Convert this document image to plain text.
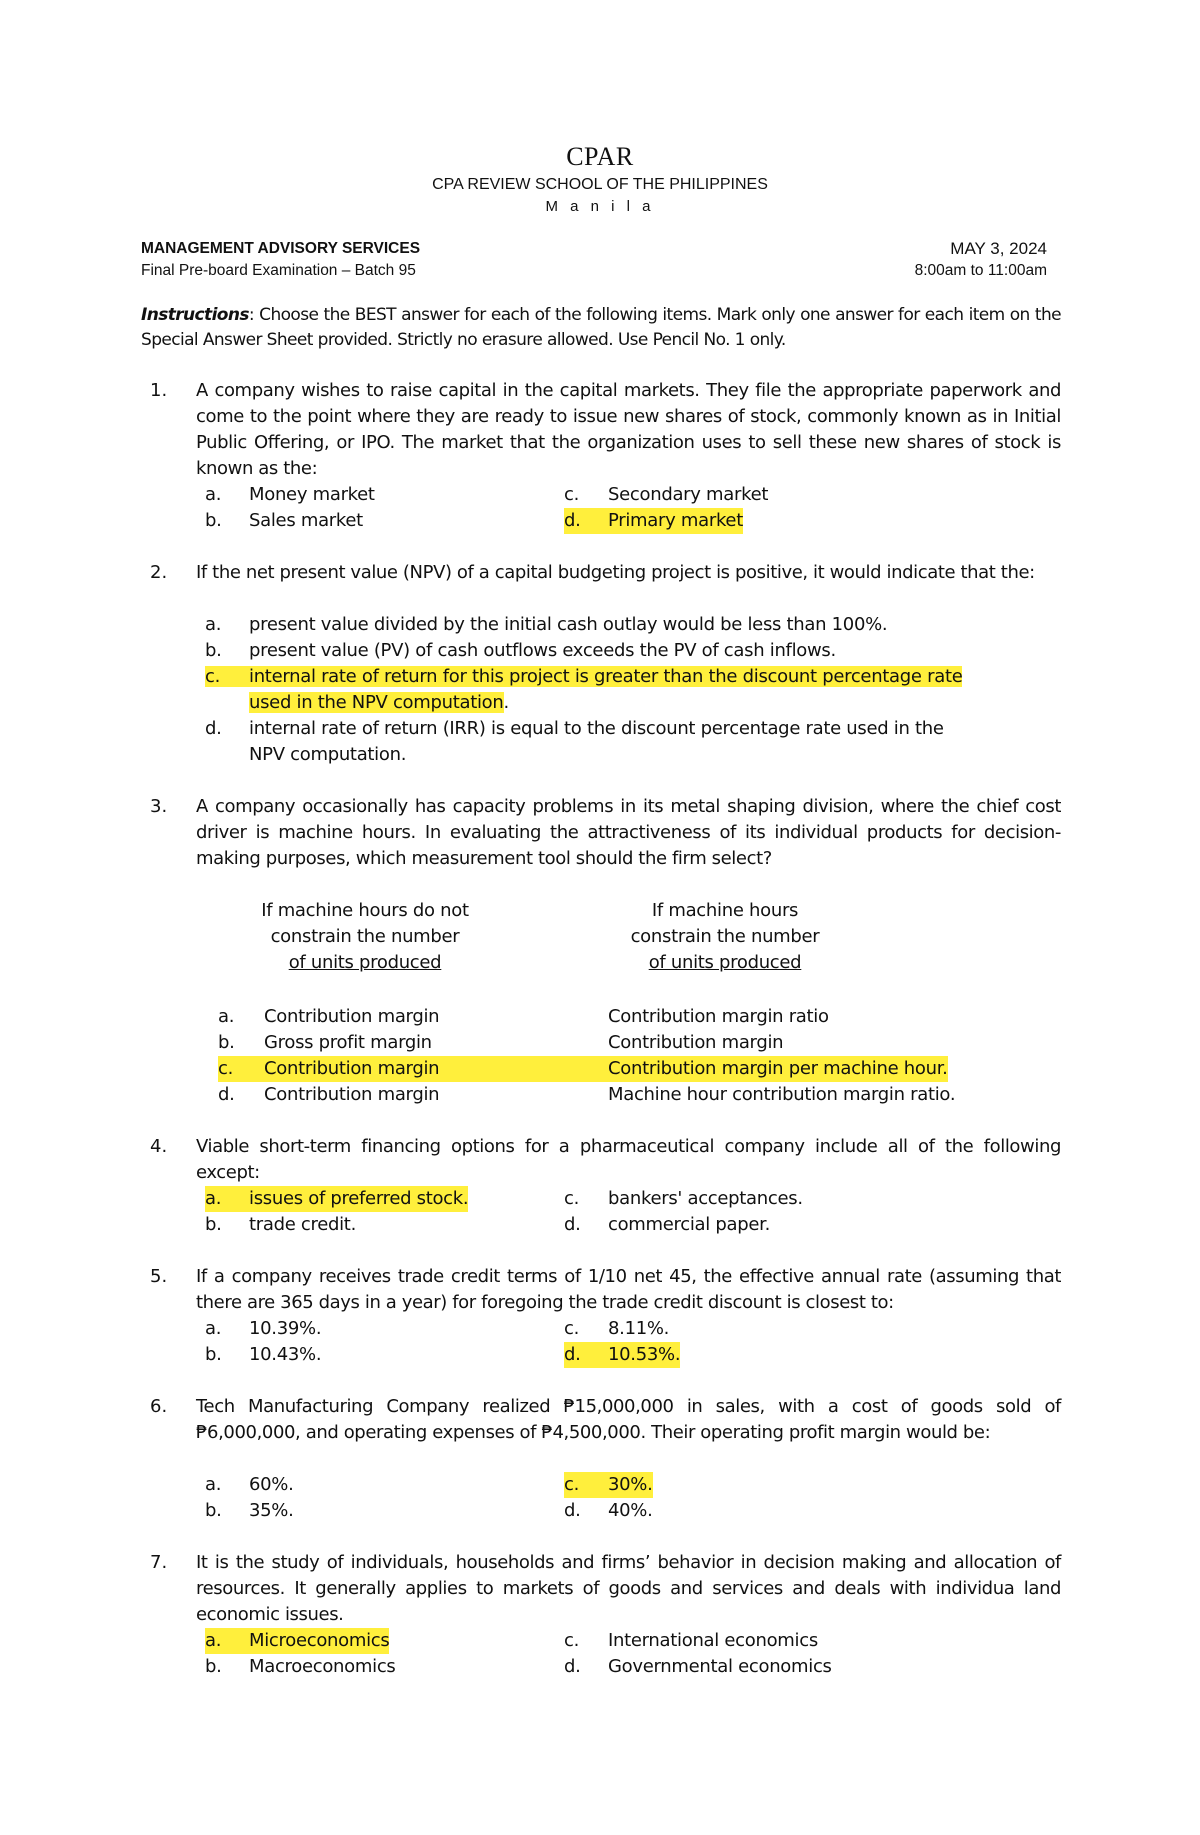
CPAR
CPA REVIEW SCHOOL OF THE PHILIPPINES
M a n i l a
MANAGEMENT ADVISORY SERVICES	MAY 3, 2024
Final Pre-board Examination – Batch 95	8:00am to 11:00am
Instructions: Choose the BEST answer for each of the following items. Mark only one answer for each item on the Special Answer Sheet provided. Strictly no erasure allowed. Use Pencil No. 1 only.
1. A company wishes to raise capital in the capital markets. They file the appropriate paperwork and come to the point where they are ready to issue new shares of stock, commonly known as in Initial Public Offering, or IPO. The market that the organization uses to sell these new shares of stock is known as the:
a. Money market
b. Sales market
c. Secondary market
d. Primary market
2. If the net present value (NPV) of a capital budgeting project is positive, it would indicate that the:
a. present value divided by the initial cash outlay would be less than 100%.
b. present value (PV) of cash outflows exceeds the PV of cash inflows.
c. internal rate of return for this project is greater than the discount percentage rate
used in the NPV computation.
d. internal rate of return (IRR) is equal to the discount percentage rate used in the
NPV computation.
3. A company occasionally has capacity problems in its metal shaping division, where the chief cost driver is machine hours. In evaluating the attractiveness of its individual products for decision-making purposes, which measurement tool should the firm select?
If machine hours do not
constrain the number
of units produced
If machine hours
constrain the number
of units produced
a. Contribution margin	Contribution margin ratio
b. Gross profit margin	Contribution margin
c. Contribution margin	Contribution margin per machine hour.
d. Contribution margin	Machine hour contribution margin ratio.
4. Viable short-term financing options for a pharmaceutical company include all of the following except:
a. issues of preferred stock.
b. trade credit.
c. bankers' acceptances.
d. commercial paper.
5. If a company receives trade credit terms of 1/10 net 45, the effective annual rate (assuming that there are 365 days in a year) for foregoing the trade credit discount is closest to:
a. 10.39%.
b. 10.43%.
c. 8.11%.
d. 10.53%.
6. Tech Manufacturing Company realized ₱15,000,000 in sales, with a cost of goods sold of ₱6,000,000, and operating expenses of ₱4,500,000. Their operating profit margin would be:
a. 60%.
b. 35%.
c. 30%.
d. 40%.
7. It is the study of individuals, households and firms’ behavior in decision making and allocation of resources. It generally applies to markets of goods and services and deals with individua land economic issues.
a. Microeconomics
b. Macroeconomics
c. International economics
d. Governmental economics
